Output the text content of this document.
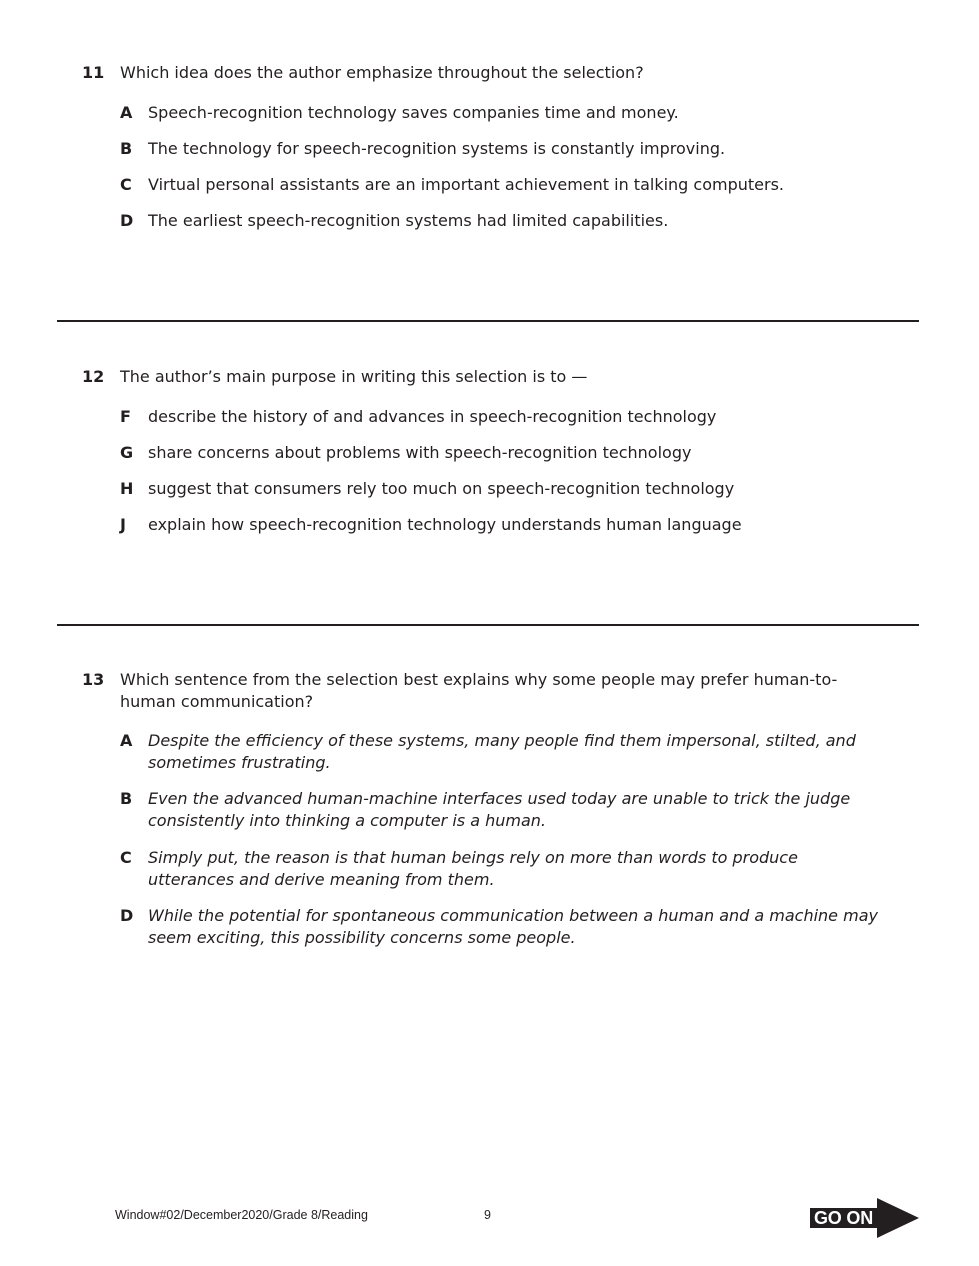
11 Which idea does the author emphasize throughout the selection?
A Speech-recognition technology saves companies time and money.
B The technology for speech-recognition systems is constantly improving.
C Virtual personal assistants are an important achievement in talking computers.
D The earliest speech-recognition systems had limited capabilities.
12 The author’s main purpose in writing this selection is to —
F describe the history of and advances in speech-recognition technology
G share concerns about problems with speech-recognition technology
H suggest that consumers rely too much on speech-recognition technology
J explain how speech-recognition technology understands human language
13 Which sentence from the selection best explains why some people may prefer human-to-human communication?
A Despite the efficiency of these systems, many people find them impersonal, stilted, and sometimes frustrating.
B Even the advanced human-machine interfaces used today are unable to trick the judge consistently into thinking a computer is a human.
C Simply put, the reason is that human beings rely on more than words to produce utterances and derive meaning from them.
D While the potential for spontaneous communication between a human and a machine may seem exciting, this possibility concerns some people.
Window#02/December2020/Grade 8/Reading	9	GO ON
